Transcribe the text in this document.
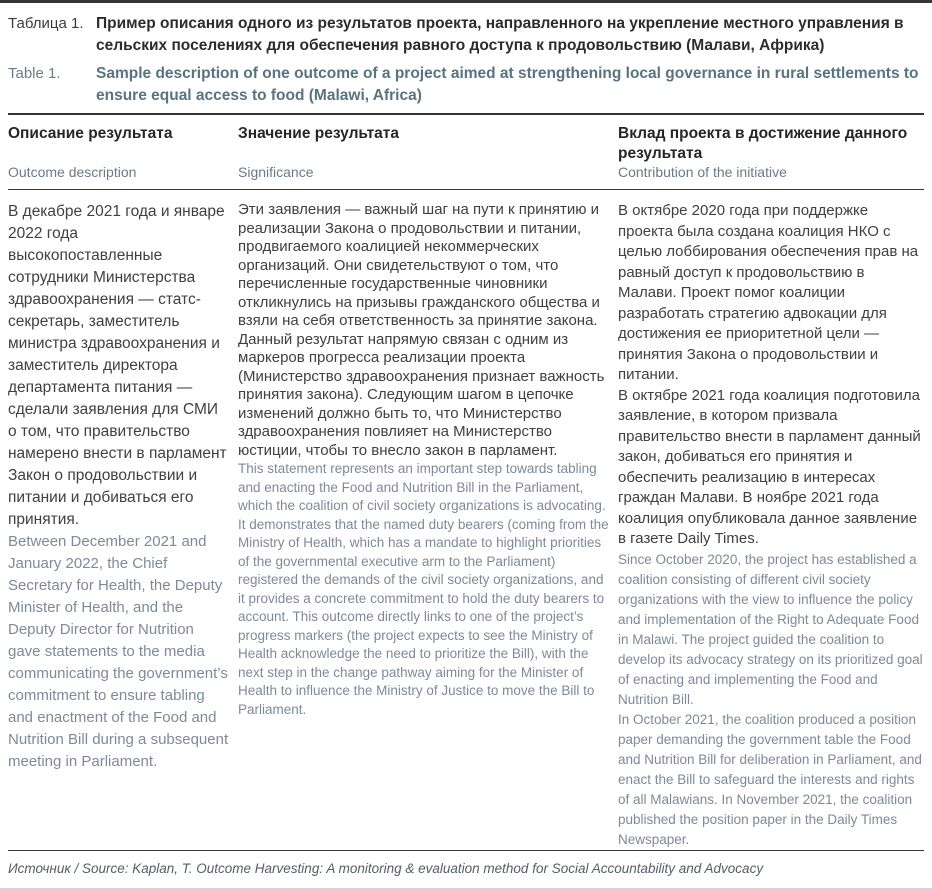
Таблица 1. Пример описания одного из результатов проекта, направленного на укрепление местного управления в сельских поселениях для обеспечения равного доступа к продовольствию (Малави, Африка)
Table 1.	Sample description of one outcome of a project aimed at strengthening local governance in rural settlements to ensure equal access to food (Malawi, Africa)
Описание результата
Outcome description
Значение результата
Significance
Вклад проекта в достижение данного результата
Contribution of the initiative

В декабре 2021 года и январе 2022 года высокопоставленные сотрудники Министерства здравоохранения — статс-секретарь, заместитель министра здравоохранения и заместитель директора департамента питания — сделали заявления для СМИ о том, что правительство намерено внести в парламент Закон о продовольствии и питании и добиваться его принятия.

Between December 2021 and January 2022, the Chief Secretary for Health, the Deputy Minister of Health, and the Deputy Director for Nutrition gave statements to the media communicating the government’s commitment to ensure tabling and enactment of the Food and Nutrition Bill during a subsequent meeting in Parliament.

Эти заявления — важный шаг на пути к принятию и реализации Закона о продовольствии и питании, продвигаемого коалицией некоммерческих организаций. Они свидетельствуют о том, что перечисленные государственные чиновники откликнулись на призывы гражданского общества и взяли на себя ответственность за принятие закона.

Данный результат напрямую связан с одним из маркеров прогресса реализации проекта (Министерство здравоохранения признает важность принятия закона). Следующим шагом в цепочке изменений должно быть то, что Министерство здравоохранения повлияет на Министерство юстиции, чтобы то внесло закон в парламент.

This statement represents an important step towards tabling and enacting the Food and Nutrition Bill in the Parliament, which the coalition of civil society organizations is advocating. It demonstrates that the named duty bearers (coming from the Ministry of Health, which has a mandate to highlight priorities of the governmental executive arm to the Parliament) registered the demands of the civil society organizations, and it provides a concrete commitment to hold the duty bearers to account. This outcome directly links to one of the project’s progress markers (the project expects to see the Ministry of Health acknowledge the need to prioritize the Bill), with the next step in the change pathway aiming for the Minister of Health to influence the Ministry of Justice to move the Bill to Parliament.

В октябре 2020 года при поддержке проекта была создана коалиция НКО с целью лоббирования обеспечения прав на равный доступ к продовольствию в Малави. Проект помог коалиции разработать стратегию адвокации для достижения ее приоритетной цели — принятия Закона о продовольствии и питании.

В октябре 2021 года коалиция подготовила заявление, в котором призвала правительство внести в парламент данный закон, добиваться его принятия и обеспечить реализацию в интересах граждан Малави. В ноябре 2021 года коалиция опубликовала данное заявление в газете Daily Times.

Since October 2020, the project has established a coalition consisting of different civil society organizations with the view to influence the policy and implementation of the Right to Adequate Food in Malawi. The project guided the coalition to develop its advocacy strategy on its prioritized goal of enacting and implementing the Food and Nutrition Bill.

In October 2021, the coalition produced a position paper demanding the government table the Food and Nutrition Bill for deliberation in Parliament, and enact the Bill to safeguard the interests and rights of all Malawians. In November 2021, the coalition published the position paper in the Daily Times Newspaper.

Источник / Source: Kaplan, T. Outcome Harvesting: A monitoring & evaluation method for Social Accountability and Advocacy
